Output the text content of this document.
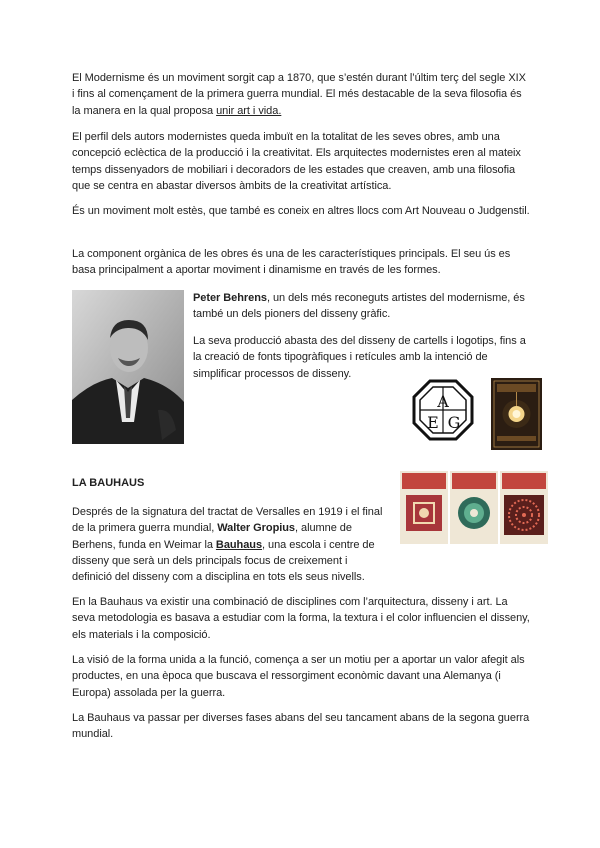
El Modernisme és un moviment sorgit cap a 1870, que s’estén durant l’últim terç del segle XIX i fins al començament de la primera guerra mundial. El més destacable de la seva filosofia és la manera en la qual proposa unir art i vida.

El perfil dels autors modernistes queda imbuït en la totalitat de les seves obres, amb una concepció eclèctica de la producció i la creativitat. Els arquitectes modernistes eren al mateix temps dissenyadors de mobiliari i decoradors de les estades que creaven, amb una filosofia que se centra en abastar diversos àmbits de la creativitat artística.

És un moviment molt estès, que també es coneix en altres llocs com Art Nouveau o Judgenstil.

La component orgànica de les obres és una de les característiques principals. El seu ús es basa principalment a aportar moviment i dinamisme en través de les formes.

Peter Behrens, un dels més reconeguts artistes del modernisme, és també un dels pioners del disseny gràfic.

La seva producció abasta des del disseny de cartells i logotips, fins a la creació de fonts tipogràfiques i retícules amb la intenció de simplificar processos de disseny.

A
E G
LA BAUHAUS

Després de la signatura del tractat de Versalles en 1919 i el final de la primera guerra mundial, Walter Gropius, alumne de Berhens, funda en Weimar la Bauhaus, una escola i centre de disseny que serà un dels principals focus de creixement i definició del disseny com a disciplina en tots els seus nivells.

En la Bauhaus va existir una combinació de disciplines com l’arquitectura, disseny i art. La seva metodologia es basava a estudiar com la forma, la textura i el color influencien el disseny, els materials i la composició.

La visió de la forma unida a la funció, comença a ser un motiu per a aportar un valor afegit als productes, en una època que buscava el ressorgiment econòmic davant una Alemanya (i Europa) assolada per la guerra.

La Bauhaus va passar per diverses fases abans del seu tancament abans de la segona guerra mundial.
